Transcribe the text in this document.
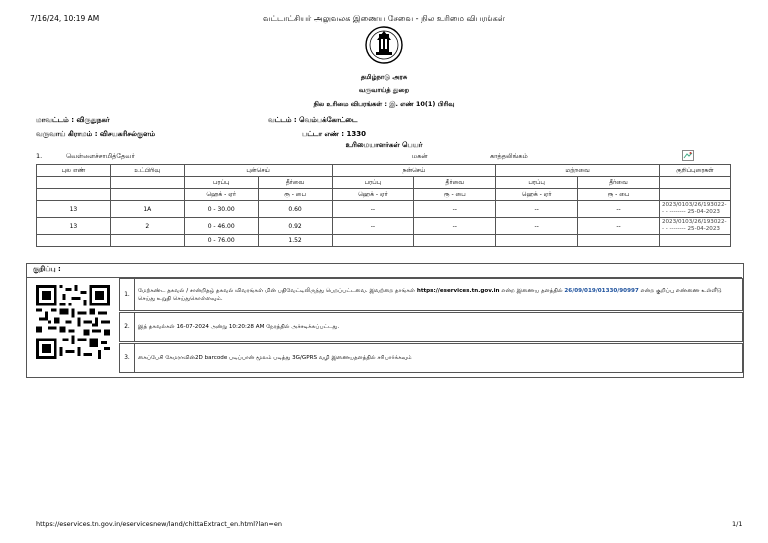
7/16/24, 10:19 AM	வட்டாட்சியர் அலுவலக இணைய சேவை - நில உரிமை விபரங்கள்
தமிழ்நாடு அரசு
வருவாய்த் துறை
நில உரிமை விபரங்கள் : இ. எண் 10(1) பிரிவு
மாவட்டம் : விருதுநகர்	வட்டம் : வெம்பக்கோட்டை
வருவாய் கிராமம் : விசயகரிசல்குளம்	பட்டா எண் : 1330
உரிமையாளர்கள் பெயர்
1.	வெள்ளைச்சாமித்தேவர்	மகன்	காத்தலிங்கம்
புல எண்	உட்பிரிவு	புன்செய்		நன்செய்		மற்றவை		குறிப்புரைகள்
		பரப்பு	தீர்வை	பரப்பு	தீர்வை	பரப்பு	தீர்வை	
		ஹெக் - ஏர்	ரூ - பை	ஹெக் - ஏர்	ரூ - பை	ஹெக் - ஏர்	ரூ - பை	
13	1A	0 - 30.00	0.60	--	--	--	--	2023/0103/26/193022-- - -------- 25-04-2023
13	2	0 - 46.00	0.92	--	--	--	--	2023/0103/26/193022-- - -------- 25-04-2023
		0 - 76.00	1.52					
குறிப்பு :
1.
மேற்கண்ட தகவல் / சான்றிதழ் தகவல் விவரங்கள் மின் பதிவேட்டிலிருந்து பெறப்பட்டவை. இவற்றை தாங்கள் https://eservices.tn.gov.in என்ற இணைய தளத்தில் 26/09/019/01330/90997 என்ற குறிப்பு எண்ணை உள்ளீடு செய்து உறுதி செய்துகொள்ளவும்.
2.	இத் தகவல்கள் 16-07-2024 அன்று 10:20:28 AM நேரத்தில் அச்சடிக்கப்பட்டது.
3.	கைப்பேசி கேமராவின்2D barcode படிப்பான் மூலம் படித்து 3G/GPRS வழி இணையதளத்தில் சரிபார்க்கவும்
https://eservices.tn.gov.in/eservicesnew/land/chittaExtract_en.html?lan=en	1/1
